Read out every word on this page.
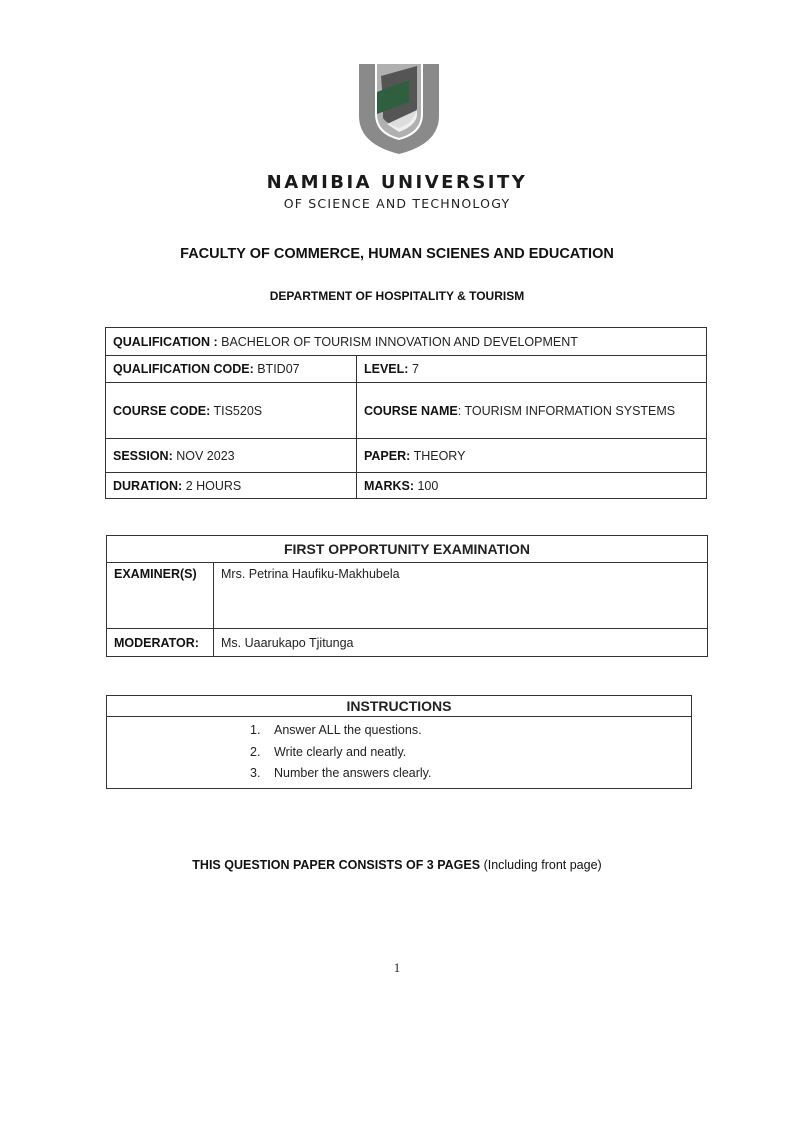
NAMIBIA UNIVERSITY
OF SCIENCE AND TECHNOLOGY
FACULTY OF COMMERCE, HUMAN SCIENES AND EDUCATION
DEPARTMENT OF HOSPITALITY & TOURISM
QUALIFICATION : BACHELOR OF TOURISM INNOVATION AND DEVELOPMENT	
QUALIFICATION CODE: BTID07	LEVEL: 7
COURSE CODE: TIS520S	COURSE NAME: TOURISM INFORMATION SYSTEMS
SESSION: NOV 2023	PAPER: THEORY
DURATION: 2 HOURS	MARKS: 100
FIRST OPPORTUNITY EXAMINATION	
EXAMINER(S)	Mrs. Petrina Haufiku-Makhubela
MODERATOR:	Ms. Uaarukapo Tjitunga
INSTRUCTIONS

1. Answer ALL the questions.
2. Write clearly and neatly.
3. Number the answers clearly.
THIS QUESTION PAPER CONSISTS OF 3 PAGES (Including front page)
1
